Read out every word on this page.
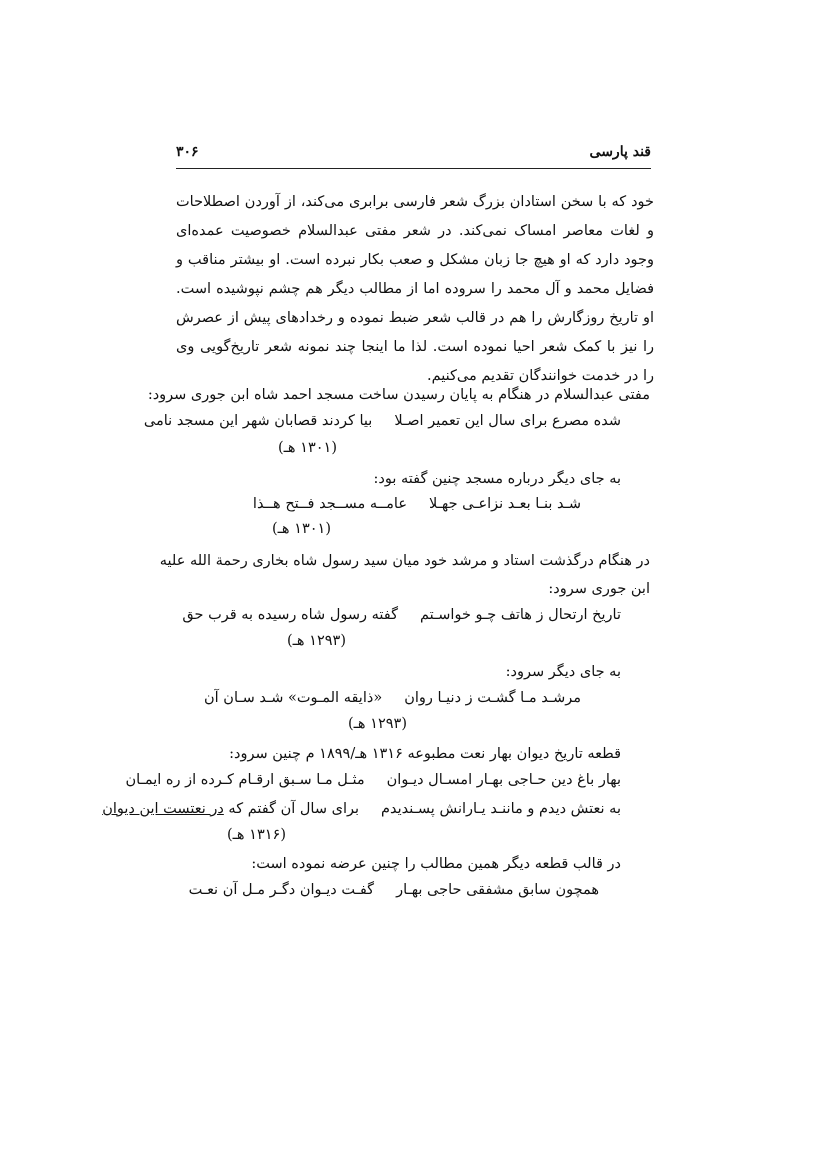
قند پارسی
۳۰۶

خود که با سخن استادان بزرگ شعر فارسی برابری می‌کند، از آوردن اصطلاحات و لغات معاصر امساک نمی‌کند. در شعر مفتی عبدالسلام خصوصیت عمده‌ای وجود دارد که او هیچ جا زبان مشکل و صعب بکار نبرده است. او بیشتر مناقب و فضایل محمد و آل محمد را سروده اما از مطالب دیگر هم چشم نپوشیده است. او تاریخ روزگارش را هم در قالب شعر ضبط نموده و رخدادهای پیش از عصرش را نیز با کمک شعر احیا نموده است. لذا ما اینجا چند نمونه شعر تاریخ‌گویی وی را در خدمت خوانندگان تقدیم می‌کنیم.

مفتی عبدالسلام در هنگام به پایان رسیدن ساخت مسجد احمد شاه ابن جوری سرود:
شده مصرع برای سال این تعمیر اصـلابیا کردند قصابان شهر این مسجد نامی
(۱۳۰۱ هـ)
به جای دیگر درباره مسجد چنین گفته بود:
شـد بنـا بعـد نزاعـی جهـلاعامــه مســجد فــتح هــذا
(۱۳۰۱ هـ)
در هنگام درگذشت استاد و مرشد خود میان سید رسول شاه بخاری رحمة الله علیه
ابن جوری سرود:
تاریخ ارتحال ز هاتف چـو خواسـتمگفته رسول شاه رسیده به قرب حق
(۱۲۹۳ هـ)
به جای دیگر سرود:
مرشـد مـا گشـت ز دنیـا روان«ذایقه المـوت» شـد سـان آن
(۱۲۹۳ هـ)
قطعه تاریخ دیوان بهار نعت مطبوعه ۱۳۱۶ هـ/۱۸۹۹ م چنین سرود:
بهار باغ دین حـاجی بهـار امسـال دیـوانمثـل مـا سـبق ارقـام کـرده از ره ایمـان
به نعتش دیدم و ماننـد یـارانش پسـندیدمبرای سال آن گفتم که در نعتست این دیوان
(۱۳۱۶ هـ)
در قالب قطعه دیگر همین مطالب را چنین عرضه نموده است:
همچون سابق مشفقی حاجی بهـارگفـت دیـوان دگـر مـل آن نعـت
